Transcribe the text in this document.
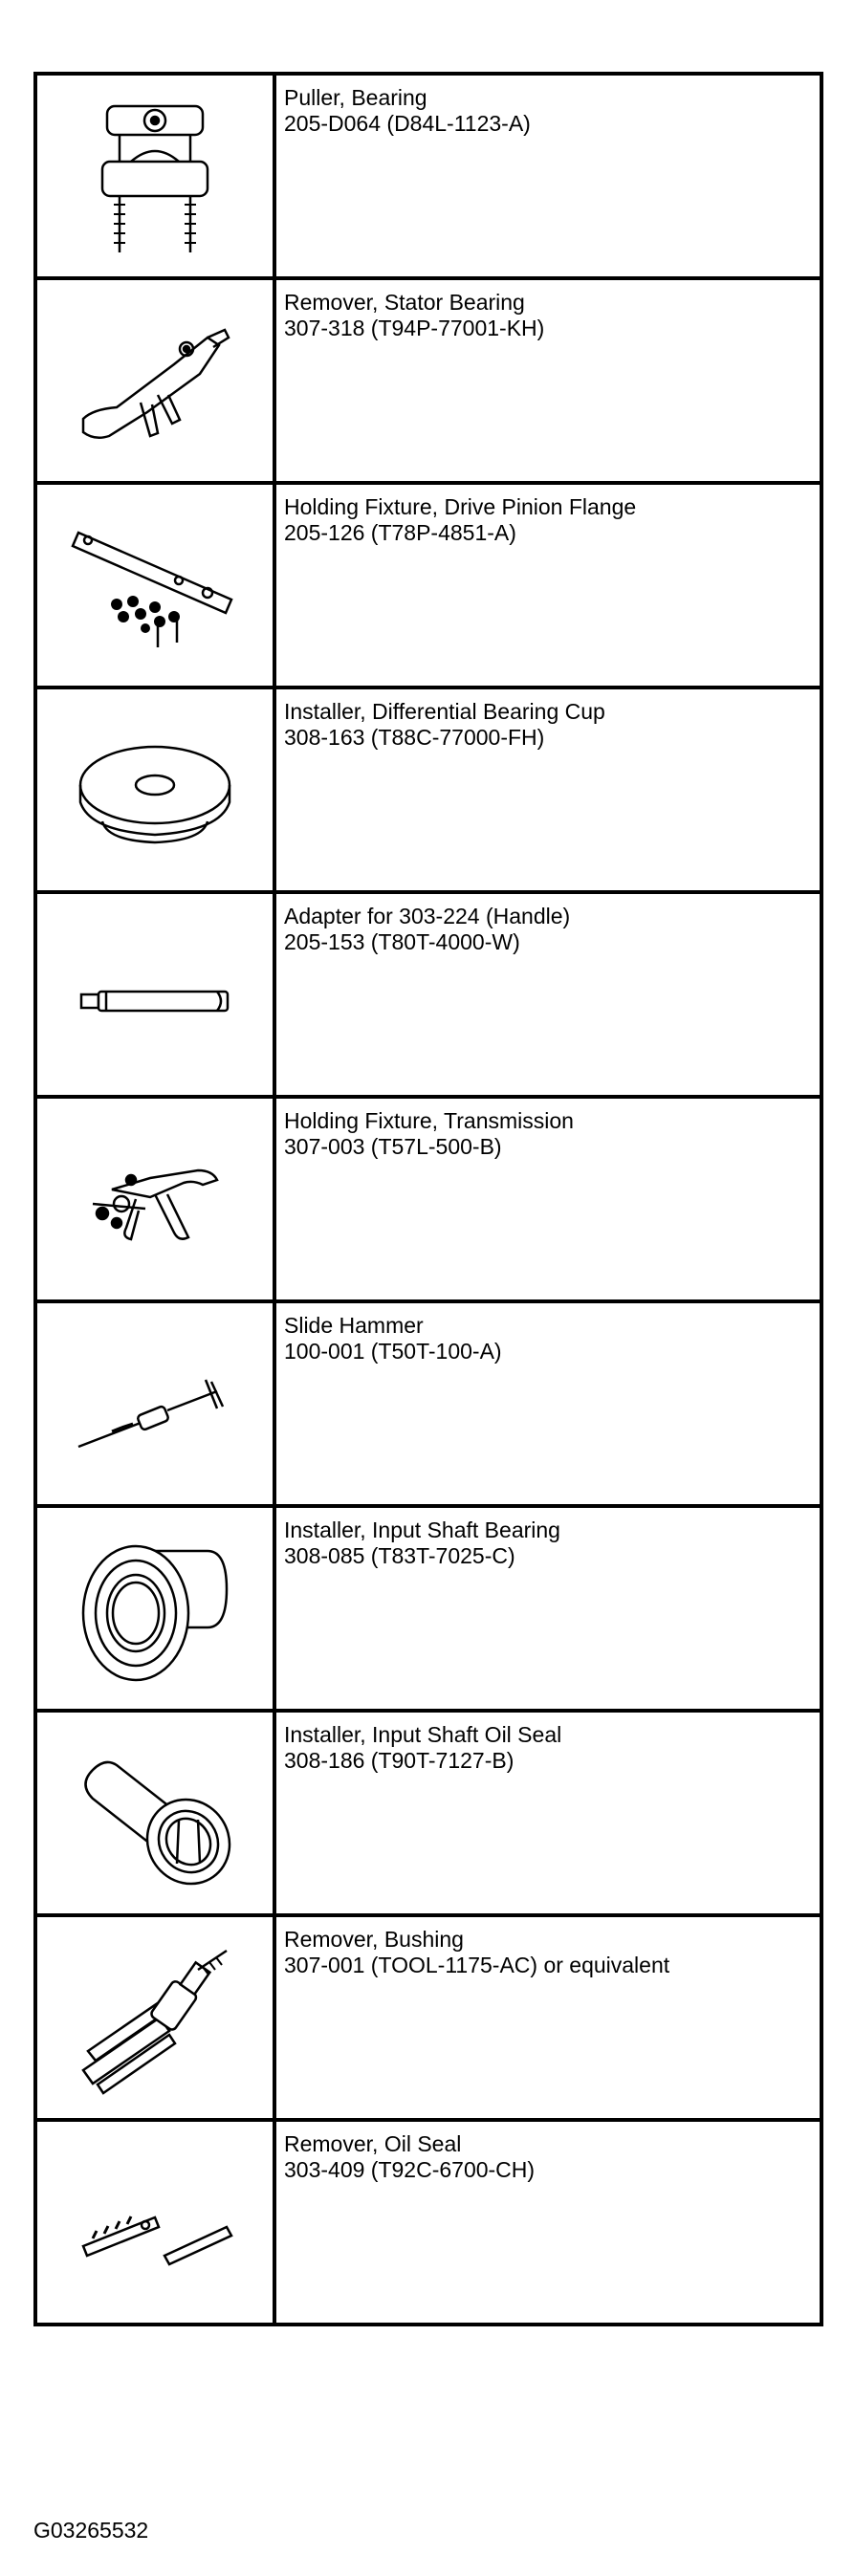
Puller, Bearing
205-D064 (D84L-1123-A)

Remover, Stator Bearing
307-318 (T94P-77001-KH)

Holding Fixture, Drive Pinion Flange
205-126 (T78P-4851-A)

Installer, Differential Bearing Cup
308-163 (T88C-77000-FH)

Adapter for 303-224 (Handle)
205-153 (T80T-4000-W)

Holding Fixture, Transmission
307-003 (T57L-500-B)

Slide Hammer
100-001 (T50T-100-A)

Installer, Input Shaft Bearing
308-085 (T83T-7025-C)

Installer, Input Shaft Oil Seal
308-186 (T90T-7127-B)

Remover, Bushing
307-001 (TOOL-1175-AC) or equivalent

Remover, Oil Seal
303-409 (T92C-6700-CH)
G03265532
